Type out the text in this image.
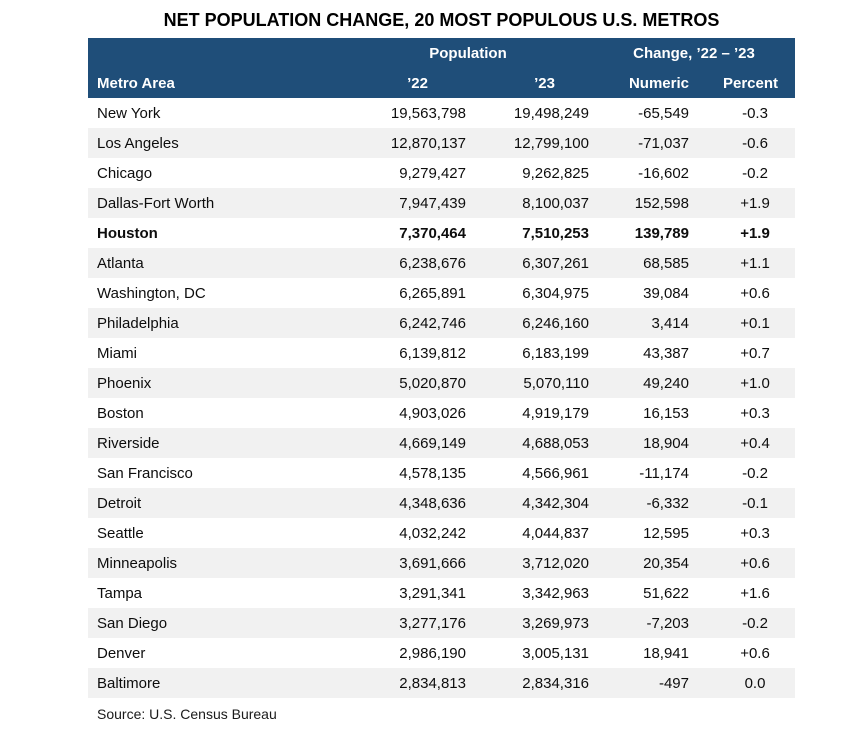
NET POPULATION CHANGE, 20 MOST POPULOUS U.S. METROS
	Population		Change, ’22 – ’23	
Metro Area	’22	’23	Numeric	Percent
New York	19,563,798	19,498,249	-65,549	-0.3
Los Angeles	12,870,137	12,799,100	-71,037	-0.6
Chicago	9,279,427	9,262,825	-16,602	-0.2
Dallas-Fort Worth	7,947,439	8,100,037	152,598	+1.9
Houston	7,370,464	7,510,253	139,789	+1.9
Atlanta	6,238,676	6,307,261	68,585	+1.1
Washington, DC	6,265,891	6,304,975	39,084	+0.6
Philadelphia	6,242,746	6,246,160	3,414	+0.1
Miami	6,139,812	6,183,199	43,387	+0.7
Phoenix	5,020,870	5,070,110	49,240	+1.0
Boston	4,903,026	4,919,179	16,153	+0.3
Riverside	4,669,149	4,688,053	18,904	+0.4
San Francisco	4,578,135	4,566,961	-11,174	-0.2
Detroit	4,348,636	4,342,304	-6,332	-0.1
Seattle	4,032,242	4,044,837	12,595	+0.3
Minneapolis	3,691,666	3,712,020	20,354	+0.6
Tampa	3,291,341	3,342,963	51,622	+1.6
San Diego	3,277,176	3,269,973	-7,203	-0.2
Denver	2,986,190	3,005,131	18,941	+0.6
Baltimore	2,834,813	2,834,316	-497	0.0
Source: U.S. Census Bureau
